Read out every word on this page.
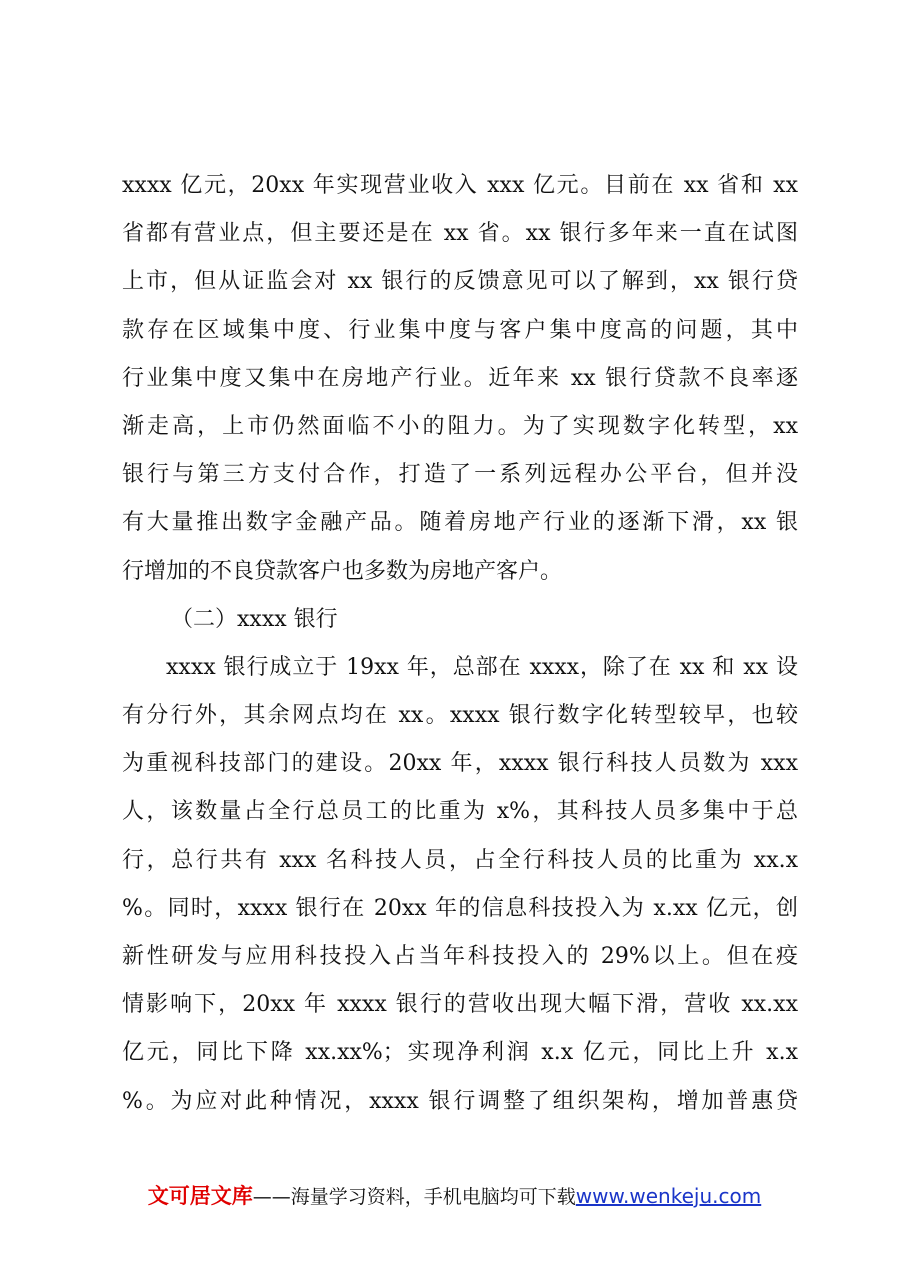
xxxx 亿元，20xx 年实现营业收入 xxx 亿元。目前在 xx 省和 xx
省都有营业点，但主要还是在 xx 省。xx 银行多年来一直在试图
上市，但从证监会对 xx 银行的反馈意见可以了解到，xx 银行贷
款存在区域集中度、行业集中度与客户集中度高的问题，其中
行业集中度又集中在房地产行业。近年来 xx 银行贷款不良率逐
渐走高，上市仍然面临不小的阻力。为了实现数字化转型，xx
银行与第三方支付合作，打造了一系列远程办公平台，但并没
有大量推出数字金融产品。随着房地产行业的逐渐下滑，xx 银
行增加的不良贷款客户也多数为房地产客户。
（二）xxxx 银行
xxxx 银行成立于 19xx 年，总部在 xxxx，除了在 xx 和 xx 设
有分行外，其余网点均在 xx。xxxx 银行数字化转型较早，也较
为重视科技部门的建设。20xx 年，xxxx 银行科技人员数为 xxx
人，该数量占全行总员工的比重为 x%，其科技人员多集中于总
行，总行共有 xxx 名科技人员，占全行科技人员的比重为 xx.x
%。同时，xxxx 银行在 20xx 年的信息科技投入为 x.xx 亿元，创
新性研发与应用科技投入占当年科技投入的 29%以上。但在疫
情影响下，20xx 年 xxxx 银行的营收出现大幅下滑，营收 xx.xx
亿元，同比下降 xx.xx%；实现净利润 x.x 亿元，同比上升 x.x
%。为应对此种情况，xxxx 银行调整了组织架构，增加普惠贷
文可居文库——海量学习资料，手机电脑均可下载www.wenkeju.com
